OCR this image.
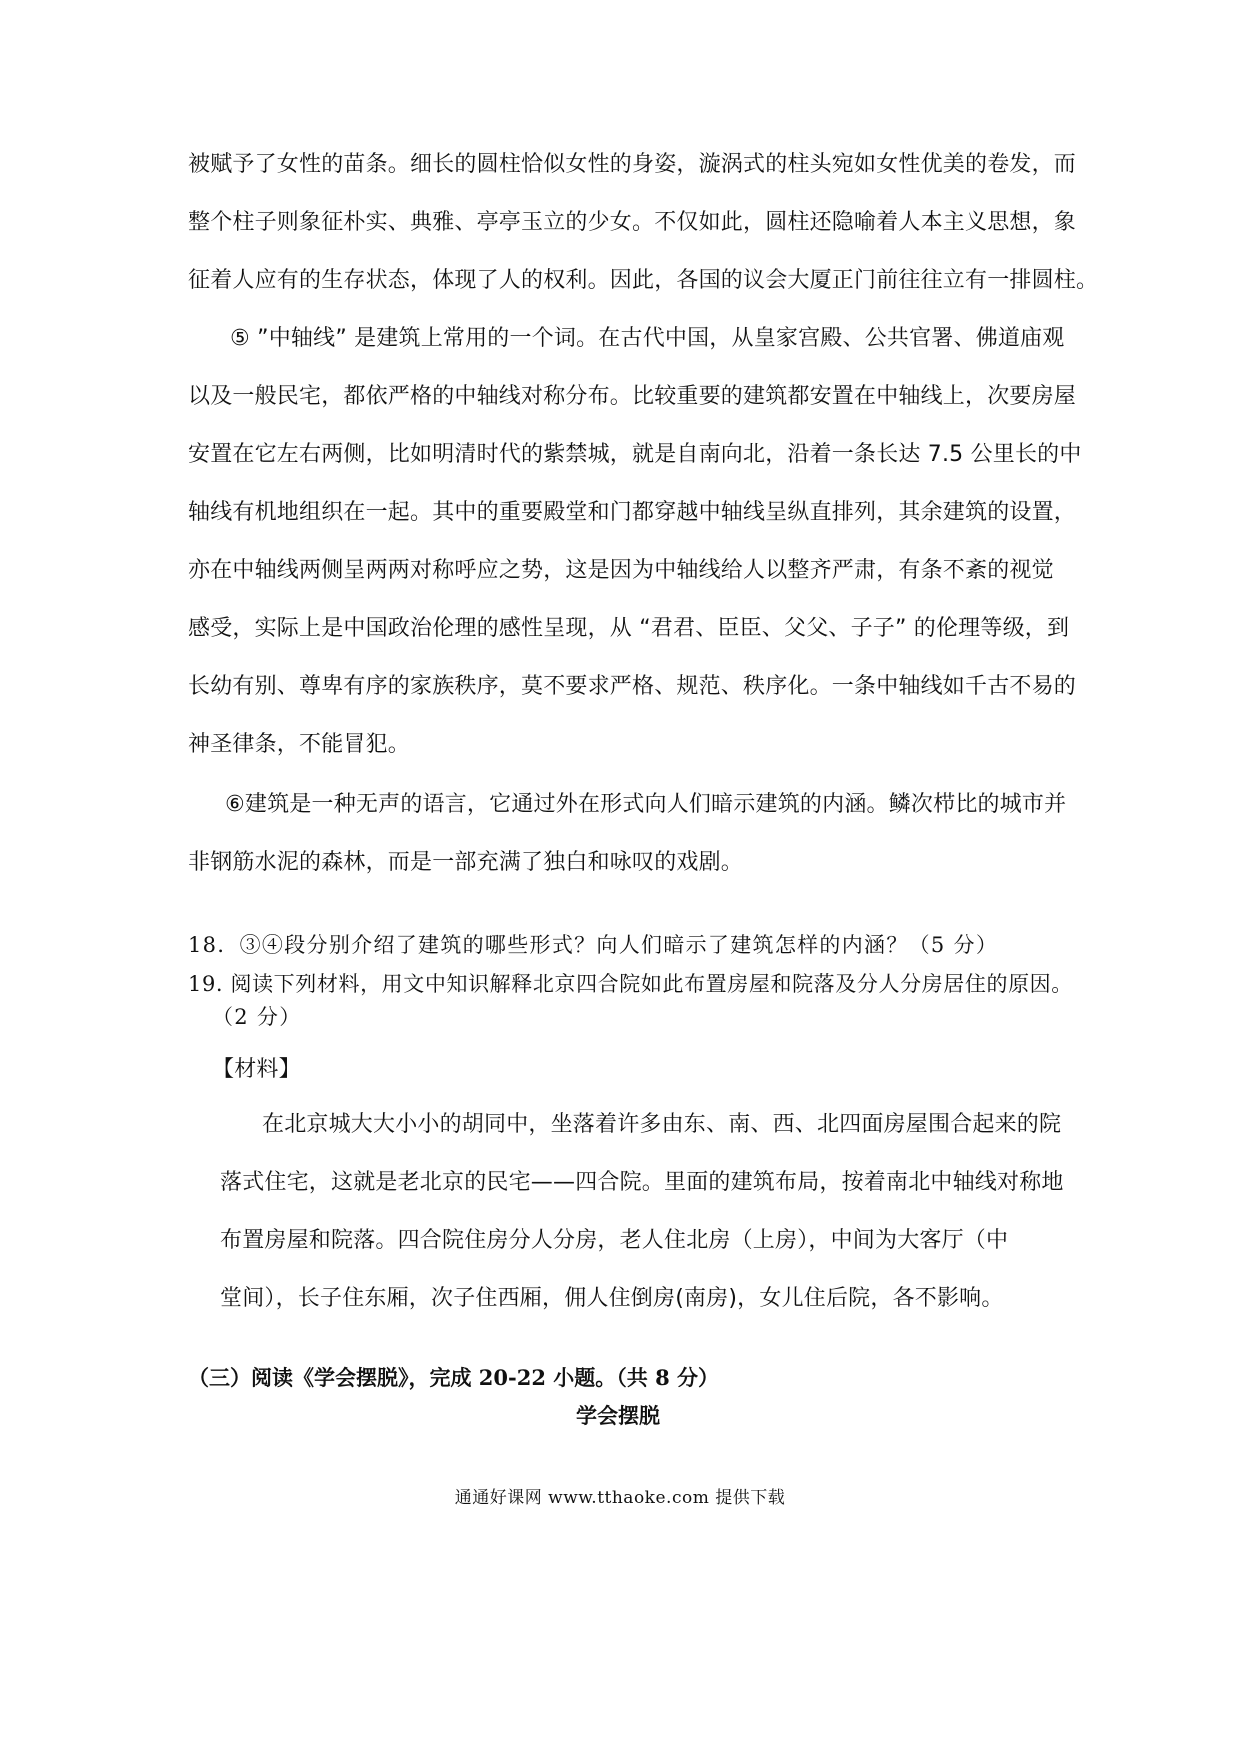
被赋予了女性的苗条。细长的圆柱恰似女性的身姿，漩涡式的柱头宛如女性优美的卷发，而
整个柱子则象征朴实、典雅、亭亭玉立的少女。不仅如此，圆柱还隐喻着人本主义思想，象
征着人应有的生存状态，体现了人的权利。因此，各国的议会大厦正门前往往立有一排圆柱。
⑤ ”中轴线” 是建筑上常用的一个词。在古代中国，从皇家宫殿、公共官署、佛道庙观
以及一般民宅，都依严格的中轴线对称分布。比较重要的建筑都安置在中轴线上，次要房屋
安置在它左右两侧，比如明清时代的紫禁城，就是自南向北，沿着一条长达 7.5 公里长的中
轴线有机地组织在一起。其中的重要殿堂和门都穿越中轴线呈纵直排列，其余建筑的设置，
亦在中轴线两侧呈两两对称呼应之势，这是因为中轴线给人以整齐严肃，有条不紊的视觉
感受，实际上是中国政治伦理的感性呈现，从 “君君、臣臣、父父、子子” 的伦理等级，到
长幼有别、尊卑有序的家族秩序，莫不要求严格、规范、秩序化。一条中轴线如千古不易的
神圣律条，不能冒犯。
⑥建筑是一种无声的语言，它通过外在形式向人们暗示建筑的内涵。鳞次栉比的城市并
非钢筋水泥的森林，而是一部充满了独白和咏叹的戏剧。
18．③④段分别介绍了建筑的哪些形式？向人们暗示了建筑怎样的内涵？（5 分）
19. 阅读下列材料，用文中知识解释北京四合院如此布置房屋和院落及分人分房居住的原因。
（2 分）
【材料】
在北京城大大小小的胡同中，坐落着许多由东、南、西、北四面房屋围合起来的院
落式住宅，这就是老北京的民宅——四合院。里面的建筑布局，按着南北中轴线对称地
布置房屋和院落。四合院住房分人分房，老人住北房（上房），中间为大客厅（中
堂间），长子住东厢，次子住西厢，佣人住倒房(南房)，女儿住后院，各不影响。
（三）阅读《学会摆脱》，完成 20-22 小题。（共 8 分）
学会摆脱
通通好课网 www.tthaoke.com 提供下载
